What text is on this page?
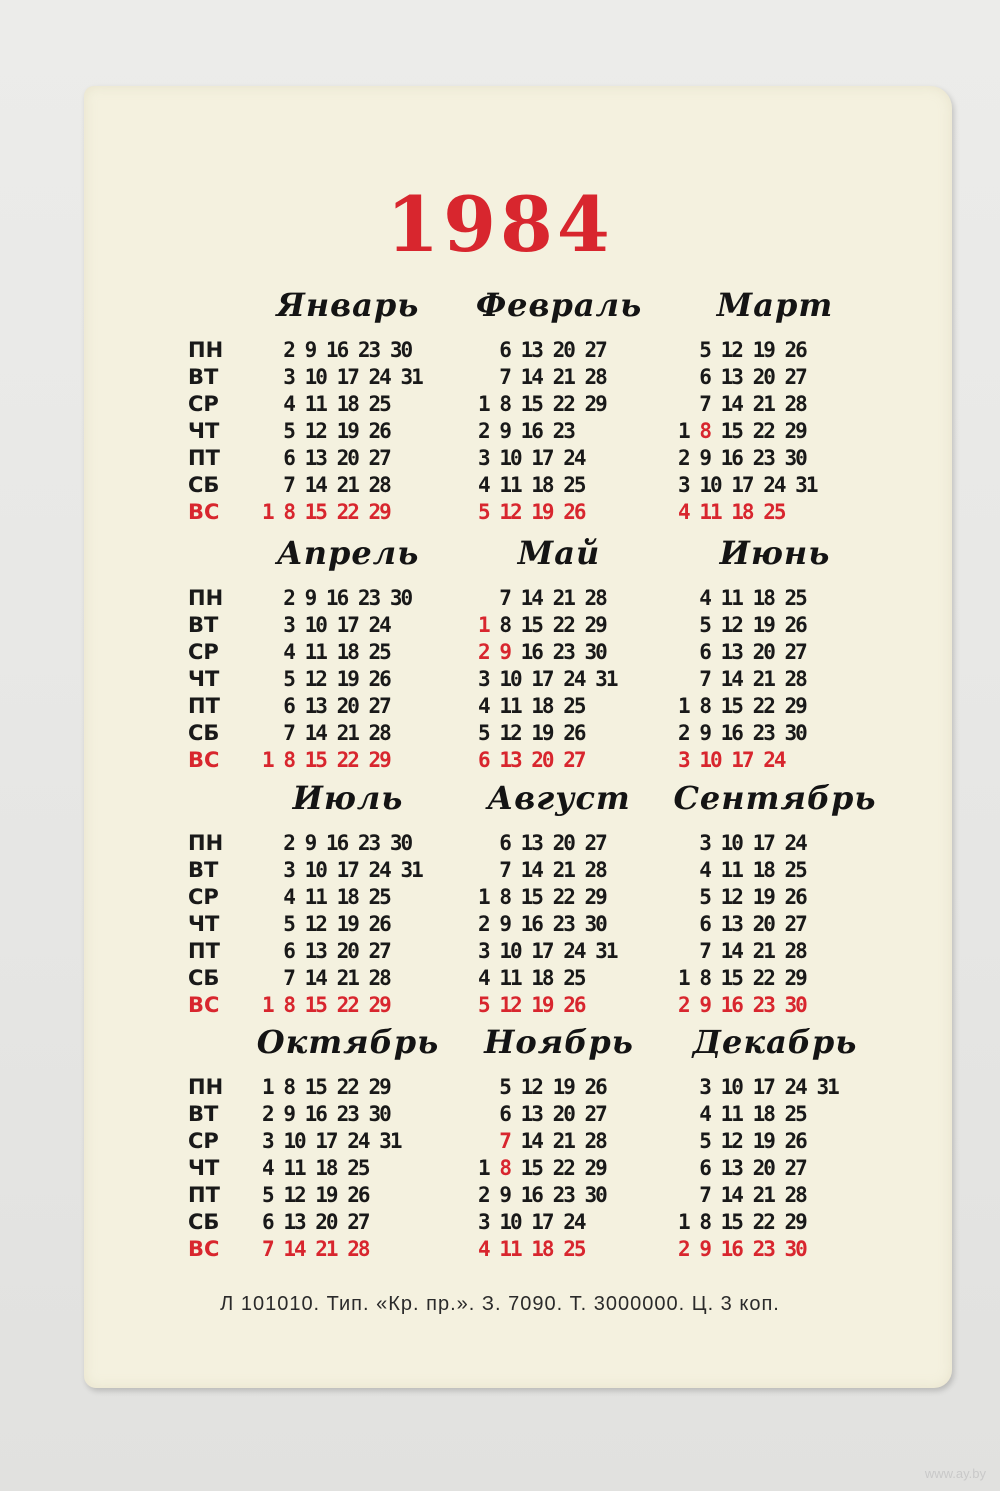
1984
ПН
ВТ
СР
ЧТ
ПТ
СБ
ВС
Январь
2 9 16 23 30
3 10 17 24 31
4 11 18 25
5 12 19 26
6 13 20 27
7 14 21 28
1 8 15 22 29
Февраль
6 13 20 27
7 14 21 28
1 8 15 22 29
2 9 16 23
3 10 17 24
4 11 18 25
5 12 19 26
Март
5 12 19 26
6 13 20 27
7 14 21 28
1 8 15 22 29
2 9 16 23 30
3 10 17 24 31
4 11 18 25
ПН
ВТ
СР
ЧТ
ПТ
СБ
ВС
Апрель
2 9 16 23 30
3 10 17 24
4 11 18 25
5 12 19 26
6 13 20 27
7 14 21 28
1 8 15 22 29
Май
7 14 21 28
1 8 15 22 29
2 9 16 23 30
3 10 17 24 31
4 11 18 25
5 12 19 26
6 13 20 27
Июнь
4 11 18 25
5 12 19 26
6 13 20 27
7 14 21 28
1 8 15 22 29
2 9 16 23 30
3 10 17 24
ПН
ВТ
СР
ЧТ
ПТ
СБ
ВС
Июль
2 9 16 23 30
3 10 17 24 31
4 11 18 25
5 12 19 26
6 13 20 27
7 14 21 28
1 8 15 22 29
Август
6 13 20 27
7 14 21 28
1 8 15 22 29
2 9 16 23 30
3 10 17 24 31
4 11 18 25
5 12 19 26
Сентябрь
3 10 17 24
4 11 18 25
5 12 19 26
6 13 20 27
7 14 21 28
1 8 15 22 29
2 9 16 23 30
ПН
ВТ
СР
ЧТ
ПТ
СБ
ВС
Октябрь
1 8 15 22 29
2 9 16 23 30
3 10 17 24 31
4 11 18 25
5 12 19 26
6 13 20 27
7 14 21 28
Ноябрь
5 12 19 26
6 13 20 27
7 14 21 28
1 8 15 22 29
2 9 16 23 30
3 10 17 24
4 11 18 25
Декабрь
3 10 17 24 31
4 11 18 25
5 12 19 26
6 13 20 27
7 14 21 28
1 8 15 22 29
2 9 16 23 30
Л 101010. Тип. «Кр. пр.». З. 7090. Т. 3000000. Ц. 3 коп.
www.ay.by
